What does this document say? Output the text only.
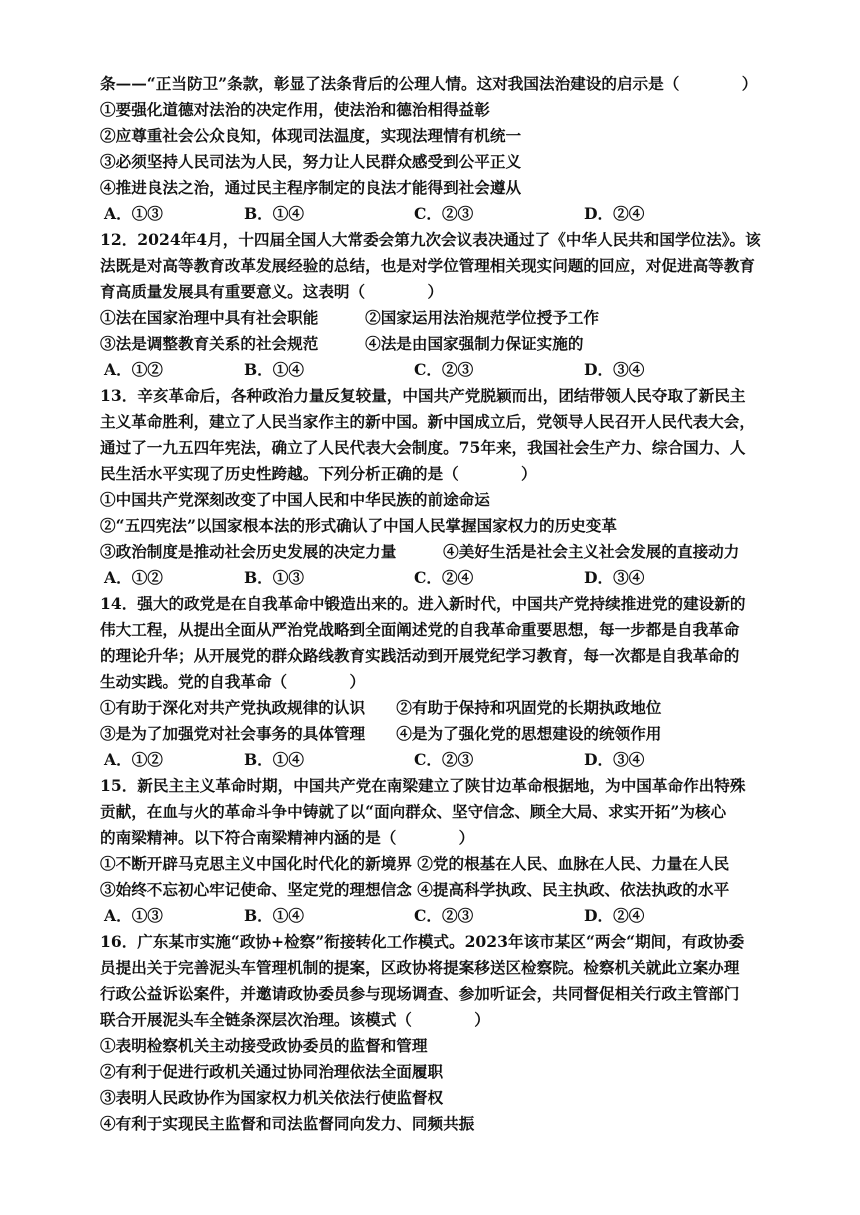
条——“正当防卫”条款，彰显了法条背后的公理人情。这对我国法治建设的启示是（　　　　）
①要强化道德对法治的决定作用，使法治和德治相得益彰
②应尊重社会公众良知，体现司法温度，实现法理情有机统一
③必须坚持人民司法为人民，努力让人民群众感受到公平正义
④推进良法之治，通过民主程序制定的良法才能得到社会遵从
A．①③	B．①④	C．②③	D．②④
12．2024年4月，十四届全国人大常委会第九次会议表决通过了《中华人民共和国学位法》。该
法既是对高等教育改革发展经验的总结，也是对学位管理相关现实问题的回应，对促进高等教育
育高质量发展具有重要意义。这表明（　　　　）
①法在国家治理中具有社会职能　　　②国家运用法治规范学位授予工作
③法是调整教育关系的社会规范　　　④法是由国家强制力保证实施的
A．①②	B．①④	C．②③	D．③④
13．辛亥革命后，各种政治力量反复较量，中国共产党脱颖而出，团结带领人民夺取了新民主
主义革命胜利，建立了人民当家作主的新中国。新中国成立后，党领导人民召开人民代表大会，
通过了一九五四年宪法，确立了人民代表大会制度。75年来，我国社会生产力、综合国力、人
民生活水平实现了历史性跨越。下列分析正确的是（　　　　）
①中国共产党深刻改变了中国人民和中华民族的前途命运
②“五四宪法”以国家根本法的形式确认了中国人民掌握国家权力的历史变革
③政治制度是推动社会历史发展的决定力量　　　④美好生活是社会主义社会发展的直接动力
A．①②	B．①③	C．②④	D．③④
14．强大的政党是在自我革命中锻造出来的。进入新时代，中国共产党持续推进党的建设新的
伟大工程，从提出全面从严治党战略到全面阐述党的自我革命重要思想，每一步都是自我革命
的理论升华；从开展党的群众路线教育实践活动到开展党纪学习教育，每一次都是自我革命的
生动实践。党的自我革命（　　　　）
①有助于深化对共产党执政规律的认识　　②有助于保持和巩固党的长期执政地位
③是为了加强党对社会事务的具体管理　　④是为了强化党的思想建设的统领作用
A．①②	B．①④	C．②③	D．③④
15．新民主主义革命时期，中国共产党在南梁建立了陕甘边革命根据地，为中国革命作出特殊
贡献，在血与火的革命斗争中铸就了以“面向群众、坚守信念、顾全大局、求实开拓”为核心
的南梁精神。以下符合南梁精神内涵的是（　　　　）
①不断开辟马克思主义中国化时代化的新境界 ②党的根基在人民、血脉在人民、力量在人民
③始终不忘初心牢记使命、坚定党的理想信念 ④提高科学执政、民主执政、依法执政的水平
A．①③	B．①④	C．②③	D．②④
16．广东某市实施“政协+检察”衔接转化工作模式。2023年该市某区“两会“期间，有政协委
员提出关于完善泥头车管理机制的提案，区政协将提案移送区检察院。检察机关就此立案办理
行政公益诉讼案件，并邀请政协委员参与现场调查、参加听证会，共同督促相关行政主管部门
联合开展泥头车全链条深层次治理。该模式（　　　　）
①表明检察机关主动接受政协委员的监督和管理
②有利于促进行政机关通过协同治理依法全面履职
③表明人民政协作为国家权力机关依法行使监督权
④有利于实现民主监督和司法监督同向发力、同频共振
